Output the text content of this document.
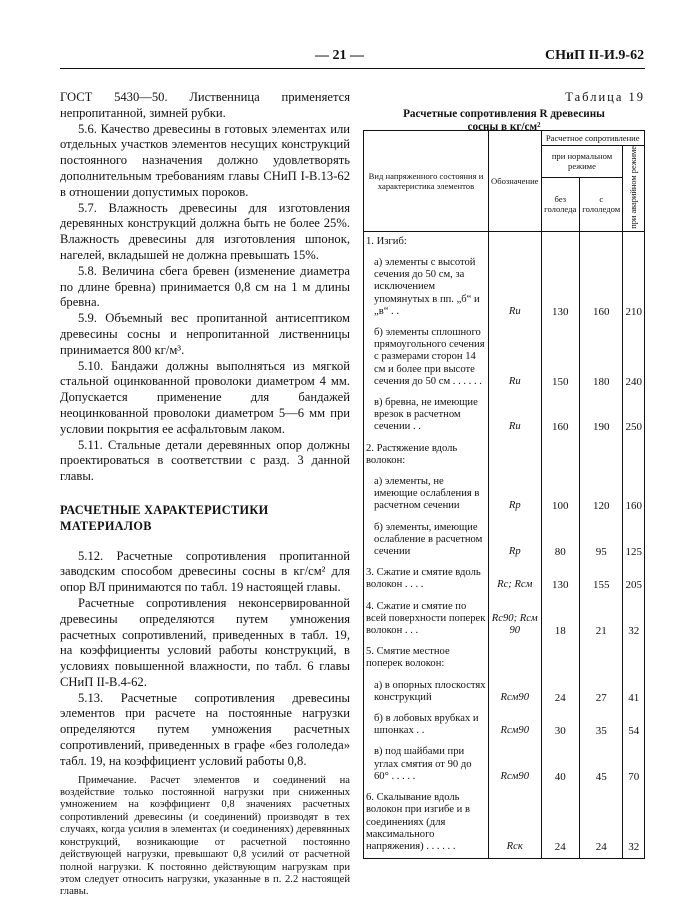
— 21 —	СНиП II-И.9-62

ГОСТ 5430—50. Лиственница применяется непропитанной, зимней рубки.

5.6. Качество древесины в готовых элементах или отдельных участков элементов несущих конструкций постоянного назначения должно удовлетворять дополнительным требованиям главы СНиП I-B.13-62 в отношении допустимых пороков.

5.7. Влажность древесины для изготовления деревянных конструкций должна быть не более 25%. Влажность древесины для изготовления шпонок, нагелей, вкладышей не должна превышать 15%.

5.8. Величина сбега бревен (изменение диаметра по длине бревна) принимается 0,8 см на 1 м длины бревна.

5.9. Объемный вес пропитанной антисептиком древесины сосны и непропитанной лиственницы принимается 800 кг/м³.

5.10. Бандажи должны выполняться из мягкой стальной оцинкованной проволоки диаметром 4 мм. Допускается применение для бандажей неоцинкованной проволоки диаметром 5—6 мм при условии покрытия ее асфальтовым лаком.

5.11. Стальные детали деревянных опор должны проектироваться в соответствии с разд. 3 данной главы.

РАСЧЕТНЫЕ ХАРАКТЕРИСТИКИ МАТЕРИАЛОВ

5.12. Расчетные сопротивления пропитанной заводским способом древесины сосны в кг/см² для опор ВЛ принимаются по табл. 19 настоящей главы.

Расчетные сопротивления неконсервированной древесины определяются путем умножения расчетных сопротивлений, приведенных в табл. 19, на коэффициенты условий работы конструкций, в условиях повышенной влажности, по табл. 6 главы СНиП II-B.4-62.

5.13. Расчетные сопротивления древесины элементов при расчете на постоянные нагрузки определяются путем умножения расчетных сопротивлений, приведенных в графе «без гололеда» табл. 19, на коэффициент условий работы 0,8.

Примечание. Расчет элементов и соединений на воздействие только постоянной нагрузки при сниженных умножением на коэффициент 0,8 значениях расчетных сопротивлений древесины (и соединений) производят в тех случаях, когда усилия в элементах (и соединениях) деревянных конструкций, возникающие от расчетной постоянно действующей нагрузки, превышают 0,8 усилий от расчетной полной нагрузки. К постоянно действующим нагрузкам при этом следует относить нагрузки, указанные в п. 2.2 настоящей главы.

Таблица 19
Расчетные сопротивления R древесины
сосны в кг/см²
Вид напряженного состояния и характеристика элементов	Обозначение	Расчетное сопротивление		
		при нормальном режиме		при аварийном режиме
		без гололеда	с гололедом	
1. Изгиб:				

а) элементы с высотой сечения до 50 см, за исключением упомянутых в пп. „б“ и „в“ . .	Rи	130	160	210

б) элементы сплошного прямоугольного сечения с размерами сторон 14 см и более при высоте сечения до 50 см . . . . . .	Rи	150	180	240

в) бревна, не имеющие врезок в расчетном сечении . .	Rи	160	190	250
2. Растяжение вдоль волокон:				

а) элементы, не имеющие ослабления в расчетном сечении	Rр	100	120	160

б) элементы, имеющие ослабление в расчетном сечении	Rр	80	95	125
3. Сжатие и смятие вдоль волокон . . . .	Rс; Rсм	130	155	205
4. Сжатие и смятие по всей поверхности поперек волокон . . .	Rс90; Rсм 90	18	21	32
5. Смятие местное поперек волокон:				

а) в опорных плоскостях конструкций	Rсм90	24	27	41

б) в лобовых врубках и шпонках . .	Rсм90	30	35	54

в) под шайбами при углах смятия от 90 до 60° . . . . .	Rсм90	40	45	70
6. Скалывание вдоль волокон при изгибе и в соединениях (для максимального напряжения) . . . . . .	Rск	24	24	32
